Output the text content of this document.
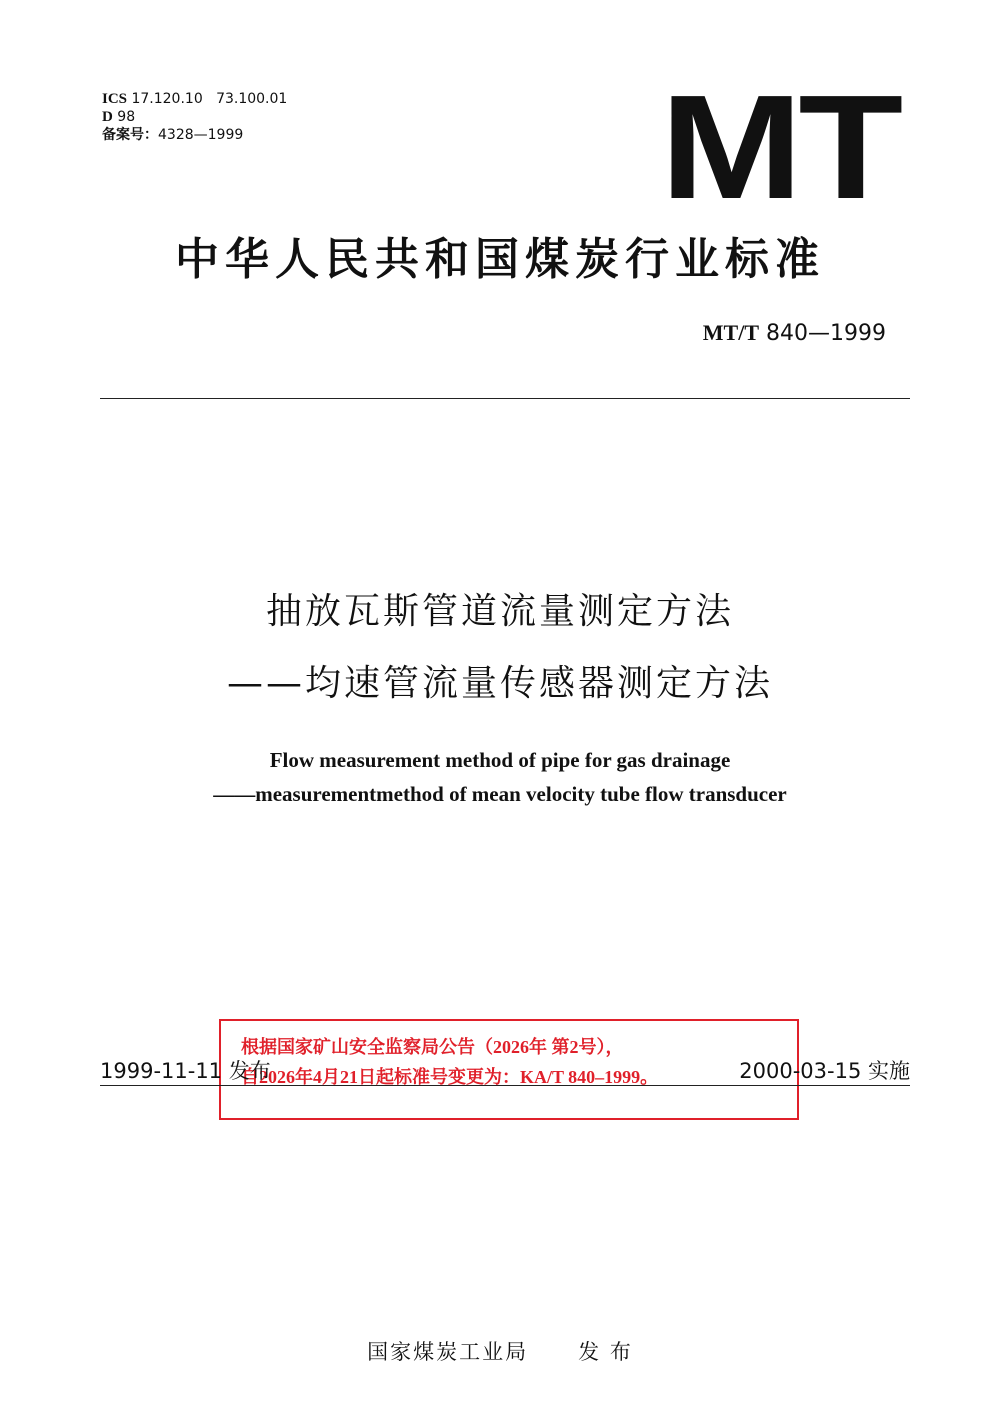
ICS 17.120.10   73.100.01
D 98
备案号：4328—1999	MT
中华人民共和国煤炭行业标准
MT/T 840—1999
抽放瓦斯管道流量测定方法
——均速管流量传感器测定方法
Flow measurement method of pipe for gas drainage
——measurementmethod of mean velocity tube flow transducer
根据国家矿山安全监察局公告（2026年 第2号），
自2026年4月21日起标准号变更为：KA/T 840–1999。
1999-11-11 发布	2000-03-15 实施
国家煤炭工业局 发 布
